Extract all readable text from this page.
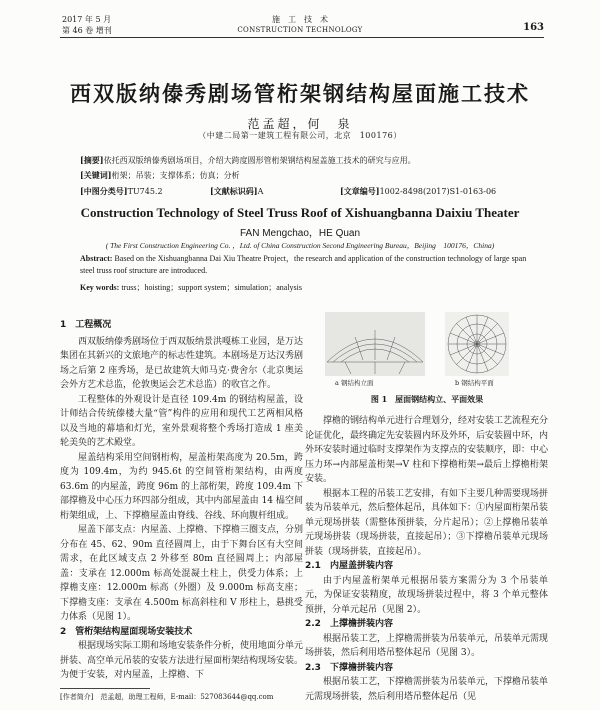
2017 年 5 月
第 46 卷 增刊
施　工　技　术
CONSTRUCTION TECHNOLOGY	163
西双版纳傣秀剧场管桁架钢结构屋面施工技术
范孟超，何　泉
（中建二局第一建筑工程有限公司，北京　100176）
[摘要]依托西双版纳傣秀剧场项目，介绍大跨度圆形管桁架钢结构屋盖施工技术的研究与应用。
[关键词]桁架；吊装；支撑体系；仿真；分析
[中图分类号]TU745.2	[文献标识码]A	[文章编号]1002-8498(2017)S1-0163-06
Construction Technology of Steel Truss Roof of Xishuangbanna Daixiu Theater
FAN Mengchao，HE Quan
( The First Construction Engineering Co. ，Ltd. of China Construction Second Engineering Bureau，Beijing　100176，China)
Abstract: Based on the Xishuangbanna Dai Xiu Theatre Project，the research and application of the construction technology of large span steel truss roof structure are introduced.
Key words: truss；hoisting；support system；simulation；analysis
1　工程概况

西双版纳傣秀剧场位于西双版纳景洪嘎栋工业园，是万达集团在其新兴的文旅地产的标志性建筑。本剧场是万达汉秀剧场之后第 2 座秀场，是已故建筑大师马克·费舍尔（北京奥运会外方艺术总监，伦敦奥运会艺术总监）的收官之作。

工程整体的外观设计是直径 109.4m 的钢结构屋盖，设计师结合传统傣楼大量“管”构件的应用和现代工艺两相风格以及当地的幕墙和灯光，室外景观将整个秀场打造成 1 座美轮美奂的艺术殿堂。

屋盖结构采用空间钢桁构，屋盖桁架高度为 20.5m，跨度为 109.4m，为约 945.6t 的空间管桁架结构，由两度 63.6m 的内屋盖，跨度 96m 的上部桁架，跨度 109.4m 下部撑檐及中心压力环四部分组成，其中内部屋盖由 14 榀空间桁架组成，上、下撑檐屋盖由脊线、谷线、环向腹杆组成。

屋盖下部支点：内屋盖、上撑檐、下撑檐三圈支点，分别分布在 45、62、90m 直径圆周上，由于下舞台区有大空间需求，在此区域支点 2 外移至 80m 直径圆周上；内部屋盖：支承在 12.000m 标高处混凝土柱上，供受力体系；上撑檐支座：12.000m 标高（外圈）及 9.000m 标高支座；下撑檐支座：支承在 4.500m 标高斜柱和 V 形柱上，悬挑受力体系（见图 1）。

2　管桁架结构屋面现场安装技术

根据现场实际工期和场地安装条件分析，使用地面分单元拼装、高空单元吊装的安装方法进行屋面桁架结构现场安装。为便于安装，对内屋盖，上撑檐、下

a 钢结构立面	b 钢结构平面
图 1　屋面钢结构立、平面效果

撑檐的钢结构单元进行合理划分，经对安装工艺流程充分论证优化，最终确定先安装圆内环及外环，后安装圆中环，内外环安装时通过临时支撑架作为支撑点的安装顺序，即：中心压力环→内部屋盖桁架→V 柱和下撑檐桁架→最后上撑檐桁架安装。

根据本工程的吊装工艺安排，有如下主要几种需要现场拼装为吊装单元，然后整体起吊，具体如下：①内屋面桁架吊装单元现场拼装（需整体预拼装，分片起吊）；②上撑檐吊装单元现场拼装（现场拼装，直接起吊）；③下撑檐吊装单元现场拼装（现场拼装，直接起吊）。

2.1　内屋盖拼装内容

由于内屋盖桁架单元根据吊装方案需分为 3 个吊装单元，为保证安装精度，故现场拼装过程中，将 3 个单元整体预拼，分单元起吊（见图 2）。

2.2　上撑檐拼装内容

根据吊装工艺，上撑檐需拼装为吊装单元，吊装单元需现场拼装，然后利用塔吊整体起吊（见图 3）。

2.3　下撑檐拼装内容

根据吊装工艺，下撑檐需拼装为吊装单元，下撑檐吊装单元需现场拼装，然后利用塔吊整体起吊（见

[作者简介]　范孟超，助理工程师，E-mail：527083644@qq.com
